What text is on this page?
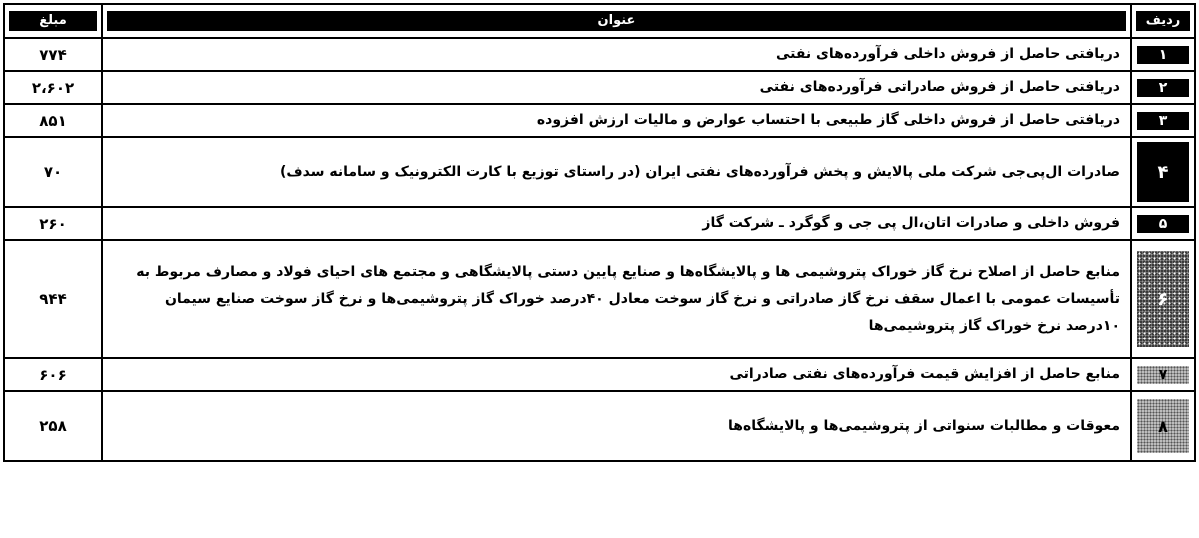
ردیف	عنوان	مبلغ

۱	دریافتی حاصل از فروش داخلی فرآورده‌های نفتی	۷۷۴

۲	دریافتی حاصل از فروش صادراتی فرآورده‌های نفتی	۲،۶۰۲

۳	دریافتی حاصل از فروش داخلی گاز طبیعی با احتساب عوارض و مالیات ارزش افزوده	۸۵۱

۴	صادرات ال‌پی‌جی شرکت ملی پالایش و پخش فرآورده‌های نفتی ایران (در راستای توزیع با کارت الکترونیک و سامانه سدف)	۷۰

۵	فروش داخلی و صادرات اتان،ال پی جی و گوگرد ـ شرکت گاز	۲۶۰

۶	منابع حاصل از اصلاح نرخ گاز خوراک پتروشیمی ها و پالایشگاه‌ها و صنایع پایین دستی پالایشگاهی و مجتمع های احیای فولاد و مصارف مربوط به تأسیسات عمومی با اعمال سقف نرخ گاز صادراتی و نرخ گاز سوخت معادل ۴۰درصد خوراک گاز پتروشیمی‌ها و نرخ گاز سوخت صنایع سیمان ۱۰درصد نرخ خوراک گاز پتروشیمی‌ها	۹۴۴

۷	منابع حاصل از افزایش قیمت فرآورده‌های نفتی صادراتی	۶۰۶

۸	معوقات و مطالبات سنواتی از پتروشیمی‌ها و پالایشگاه‌ها	۲۵۸
